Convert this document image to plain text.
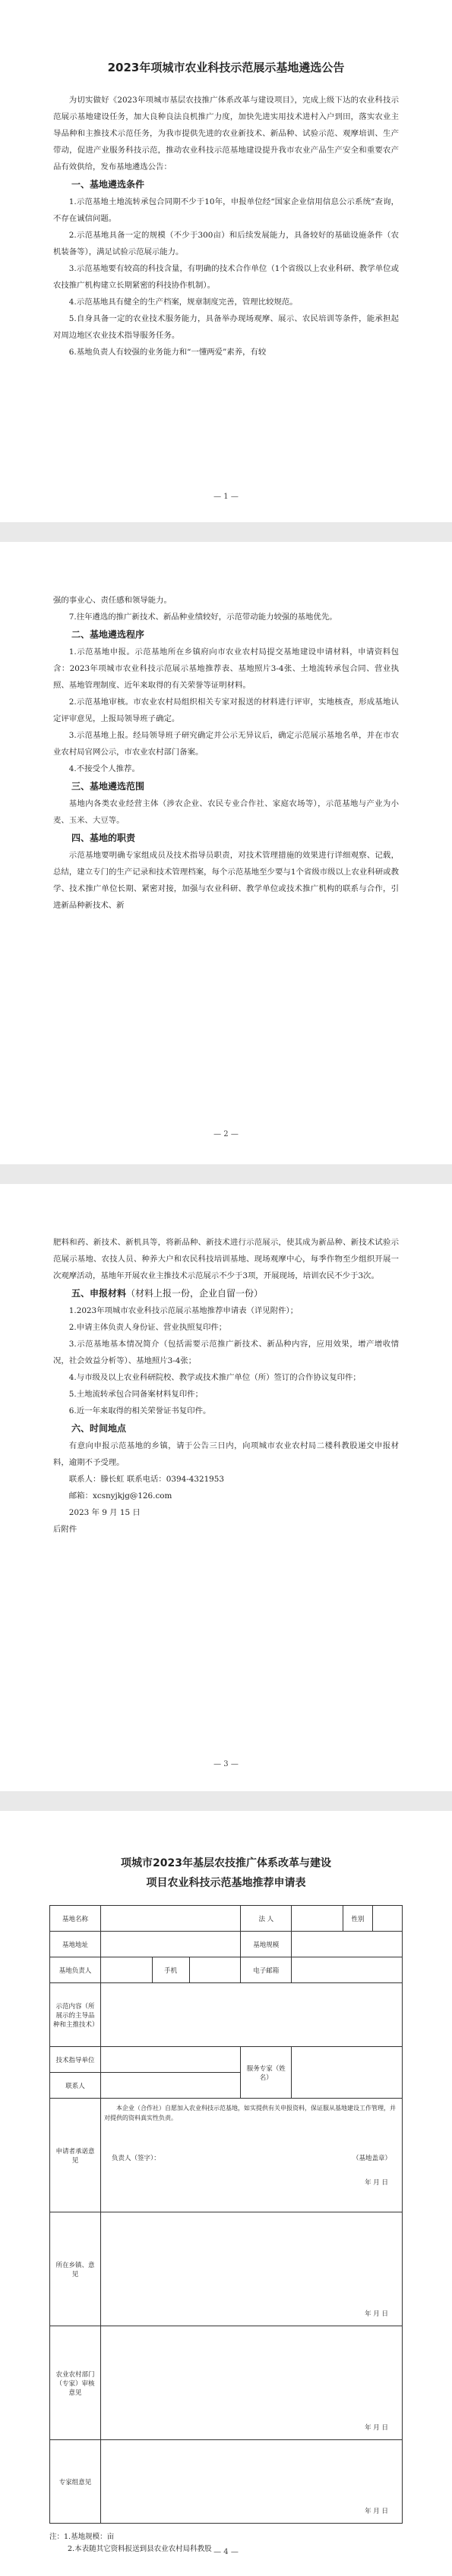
2023年项城市农业科技示范展示基地遴选公告

为切实做好《2023年项城市基层农技推广体系改革与建设项目》，完成上级下达的农业科技示范展示基地建设任务，加大良种良法良机推广力度，加快先进实用技术进村入户到田，落实农业主导品种和主推技术示范任务，为我市提供先进的农业新技术、新品种、试验示范、观摩培训、生产带动，促进产业服务科技示范，推动农业科技示范基地建设提升我市农业产品生产安全和重要农产品有效供给，发布基地遴选公告：

一、基地遴选条件

1.示范基地土地流转承包合同期不少于10年，申报单位经“国家企业信用信息公示系统”查询，不存在诚信问题。

2.示范基地具备一定的规模（不少于300亩）和后续发展能力，具备较好的基础设施条件（农机装备等），满足试验示范展示能力。

3.示范基地要有较高的科技含量，有明确的技术合作单位（1个省级以上农业科研、教学单位或农技推广机构建立长期紧密的科技协作机制）。

4.示范基地具有健全的生产档案，规章制度完善，管理比较规范。

5.自身具备一定的农业技术服务能力，具备举办现场观摩、展示、农民培训等条件，能承担起对周边地区农业技术指导服务任务。

6.基地负责人有较强的业务能力和“一懂两爱”素养，有较

— 1 —

强的事业心、责任感和领导能力。

7.往年遴选的推广新技术、新品种业绩较好，示范带动能力较强的基地优先。

二、基地遴选程序

1.示范基地申报。示范基地所在乡镇府向市农业农村局提交基地建设申请材料，申请资料包含：2023年项城市农业科技示范展示基地推荐表、基地照片3-4张、土地流转承包合同、营业执照、基地管理制度、近年来取得的有关荣誉等证明材料。

2.示范基地审核。市农业农村局组织相关专家对报送的材料进行评审，实地核查，形成基地认定评审意见，上报局领导班子确定。

3.示范基地上报。经局领导班子研究确定并公示无异议后，确定示范展示基地名单，并在市农业农村局官网公示，市农业农村部门备案。

4.不接受个人推荐。

三、基地遴选范围

基地内各类农业经营主体（涉农企业、农民专业合作社、家庭农场等），示范基地与产业为小麦、玉米、大豆等。

四、基地的职责

示范基地要明确专家组成员及技术指导员职责，对技术管理措施的效果进行详细观察、记载，总结，建立专门的生产记录和技术管理档案，每个示范基地至少要与1个省级市级以上农业科研或教学、技术推广单位长期、紧密对接，加强与农业科研、教学单位或技术推广机构的联系与合作，引进新品种新技术、新

— 2 —

肥料和药、新技术、新机具等，将新品种、新技术进行示范展示，使其成为新品种、新技术试验示范展示基地、农技人员、种养大户和农民科技培训基地、现场观摩中心，每季作物至少组织开展一次观摩活动，基地年开展农业主推技术示范展示不少于3项，开展现场，培训农民不少于3次。

五、申报材料（材料上报一份，企业自留一份）

1.2023年项城市农业科技示范展示基地推荐申请表（详见附件）；

2.申请主体负责人身份证、营业执照复印件；

3.示范基地基本情况简介（包括需要示范推广新技术、新品种内容，应用效果，增产增收情况，社会效益分析等）、基地照片3-4张；

4.与市级及以上农业科研院校、教学或技术推广单位（所）签订的合作协议复印件；

5.土地流转承包合同备案材料复印件；

6.近一年来取得的相关荣誉证书复印件。

六、时间地点

有意向申报示范基地的乡镇，请于公告三日内，向项城市农业农村局二楼科教股递交申报材料，逾期不予受理。

联系人：滕长虹 联系电话：0394-4321953

邮箱：xcsnyjkjg@126.com

2023 年 9 月 15 日

后附件

— 3 —

项城市2023年基层农技推广体系改革与建设

项目农业科技示范基地推荐申请表

基地名称				法 人		性别	
基地地址				基地规模			
基地负责人		手机		电子邮箱			
示范内容（所展示的主导品种和主推技术）							
技术指导单位				服务专家（姓名）			
联系人							
申请者承诺意见	本企业（合作社）自愿加入农业科技示范基地，如实提供有关申报资料，保证服从基地建设工作管理，并对提供的资料真实性负责。
负责人（签字）： （基地盖章）
年 月 日						

所在乡镇、意见	年 月 日						
农业农村部门（专家）审核意见	年 月 日						
专家组意见	年 月 日						
注：1.基地规模：亩
2.本表随其它资料报送到县农业农村局科教股 — 4 —
